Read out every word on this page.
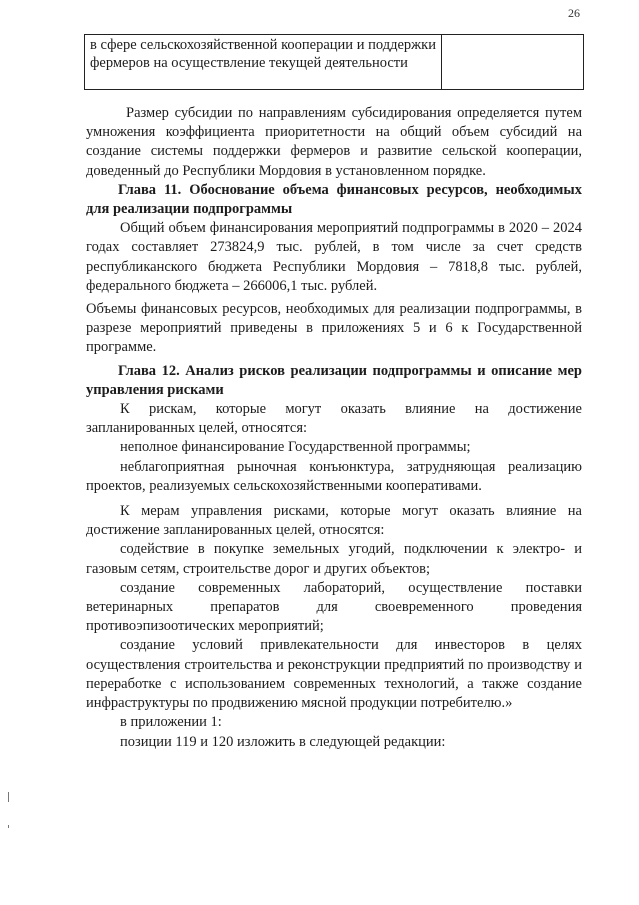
26
в сфере сельскохозяйственной кооперации и поддержки фермеров на осуществление текущей деятельности	

Размер субсидии по направлениям субсидирования определяется путем умножения коэффициента приоритетности на общий объем субсидий на создание системы поддержки фермеров и развитие сельской кооперации, доведенный до Республики Мордовия в установленном порядке.

Глава 11. Обоснование объема финансовых ресурсов, необходимых для реализации подпрограммы

Общий объем финансирования мероприятий подпрограммы в 2020 – 2024 годах составляет 273824,9 тыс. рублей, в том числе за счет средств республиканского бюджета Республики Мордовия – 7818,8 тыс. рублей, федерального бюджета – 266006,1 тыс. рублей.

Объемы финансовых ресурсов, необходимых для реализации подпрограммы, в разрезе мероприятий приведены в приложениях 5 и 6 к Государственной программе.

Глава 12. Анализ рисков реализации подпрограммы и описание мер управления рисками

К рискам, которые могут оказать влияние на достижение запланированных целей, относятся:

неполное финансирование Государственной программы;

неблагоприятная рыночная конъюнктура, затрудняющая реализацию проектов, реализуемых сельскохозяйственными кооперативами.

К мерам управления рисками, которые могут оказать влияние на достижение запланированных целей, относятся:

содействие в покупке земельных угодий, подключении к электро- и газовым сетям, строительстве дорог и других объектов;

создание современных лабораторий, осуществление поставки ветеринарных препаратов для своевременного проведения противоэпизоотических мероприятий;

создание условий привлекательности для инвесторов в целях осуществления строительства и реконструкции предприятий по производству и переработке с использованием современных технологий, а также создание инфраструктуры по продвижению мясной продукции потребителю.»

в приложении 1:

позиции 119 и 120 изложить в следующей редакции:
